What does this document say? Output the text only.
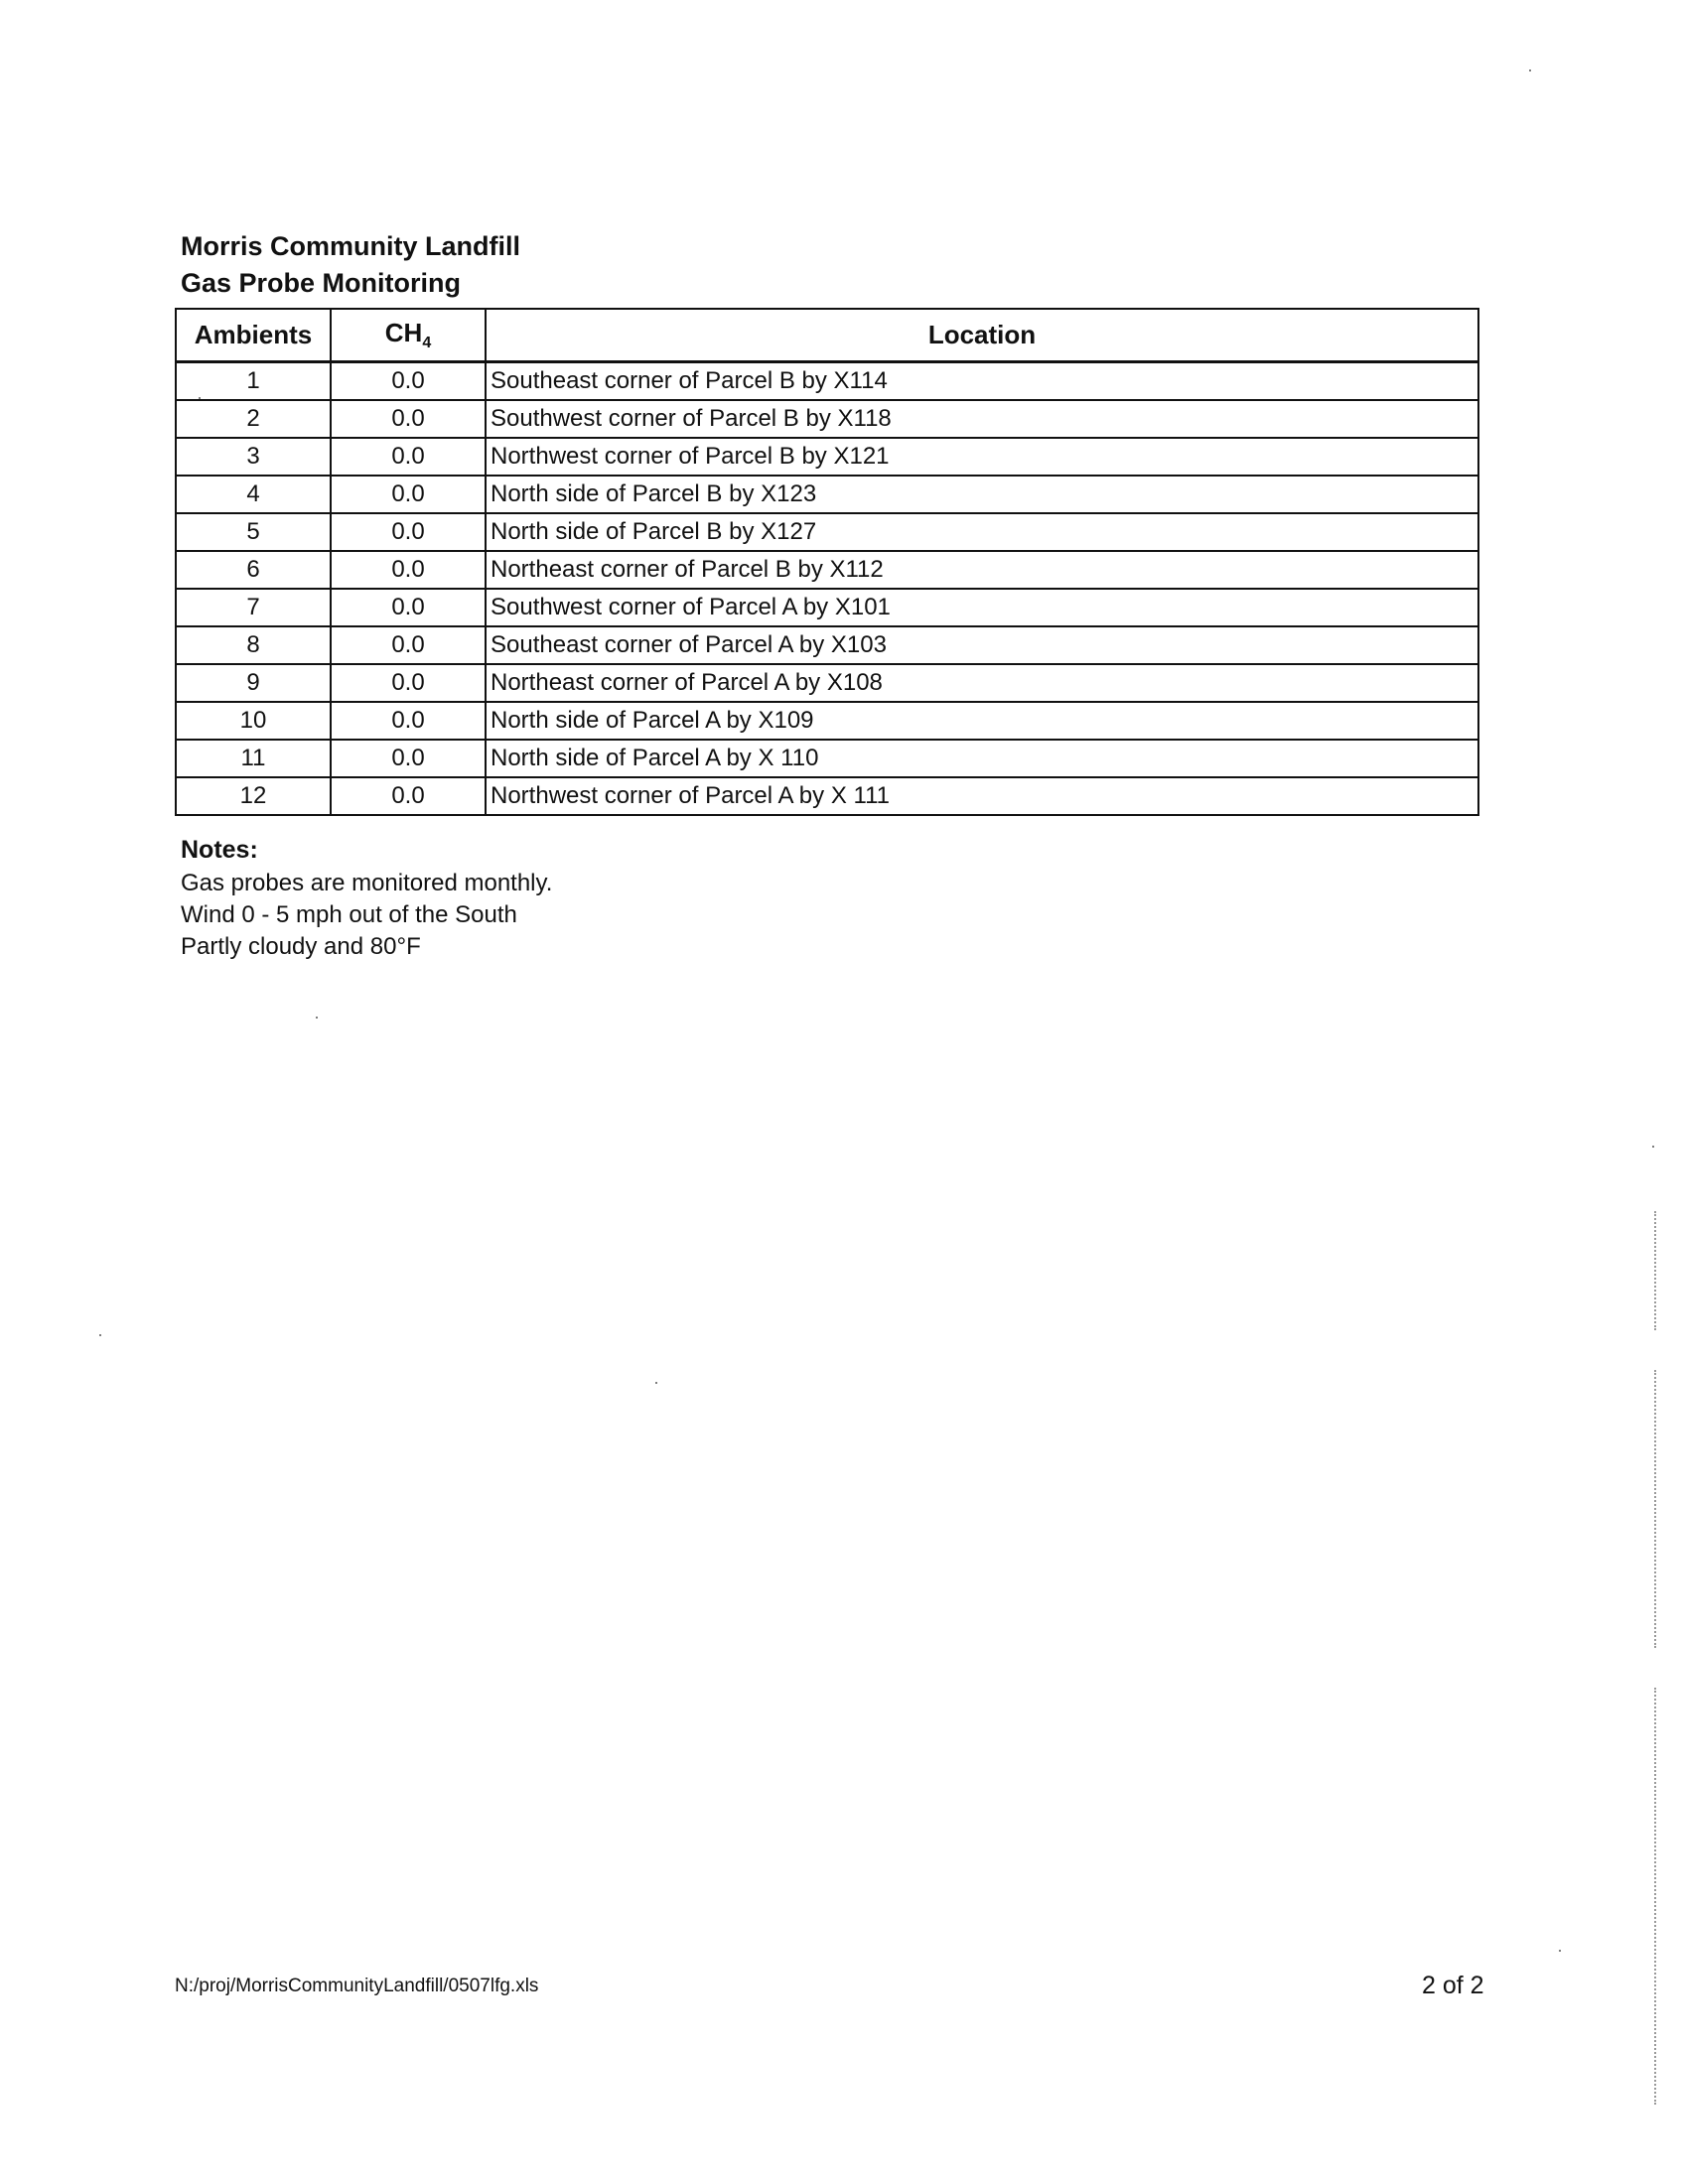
Morris Community Landfill
Gas Probe Monitoring
Ambients	$CH_4$	Location
1	0.0	Southeast corner of Parcel B by X114
2	0.0	Southwest corner of Parcel B by X118
3	0.0	Northwest corner of Parcel B by X121
4	0.0	North side of Parcel B by X123
5	0.0	North side of Parcel B by X127
6	0.0	Northeast corner of Parcel B by X112
7	0.0	Southwest corner of Parcel A by X101
8	0.0	Southeast corner of Parcel A by X103
9	0.0	Northeast corner of Parcel A by X108
10	0.0	North side of Parcel A by X109
11	0.0	North side of Parcel A by X 110
12	0.0	Northwest corner of Parcel A by X 111
Notes:
Gas probes are monitored monthly.
Wind 0 - 5 mph out of the South
Partly cloudy and 80°F
N:/proj/MorrisCommunityLandfill/0507lfg.xls	2 of 2
